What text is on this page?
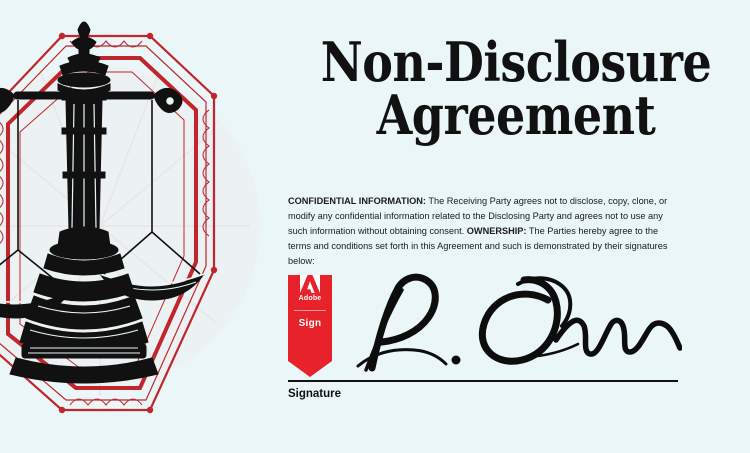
Non-Disclosure
Agreement

CONFIDENTIAL INFORMATION: The Receiving Party agrees not to disclose, copy, clone, or modify any confidential information related to the Disclosing Party and agrees not to use any such information without obtaining consent. OWNERSHIP: The Parties hereby agree to the terms and conditions set forth in this Agreement and such is demonstrated by their signatures below:

Adobe
Sign
Signature
